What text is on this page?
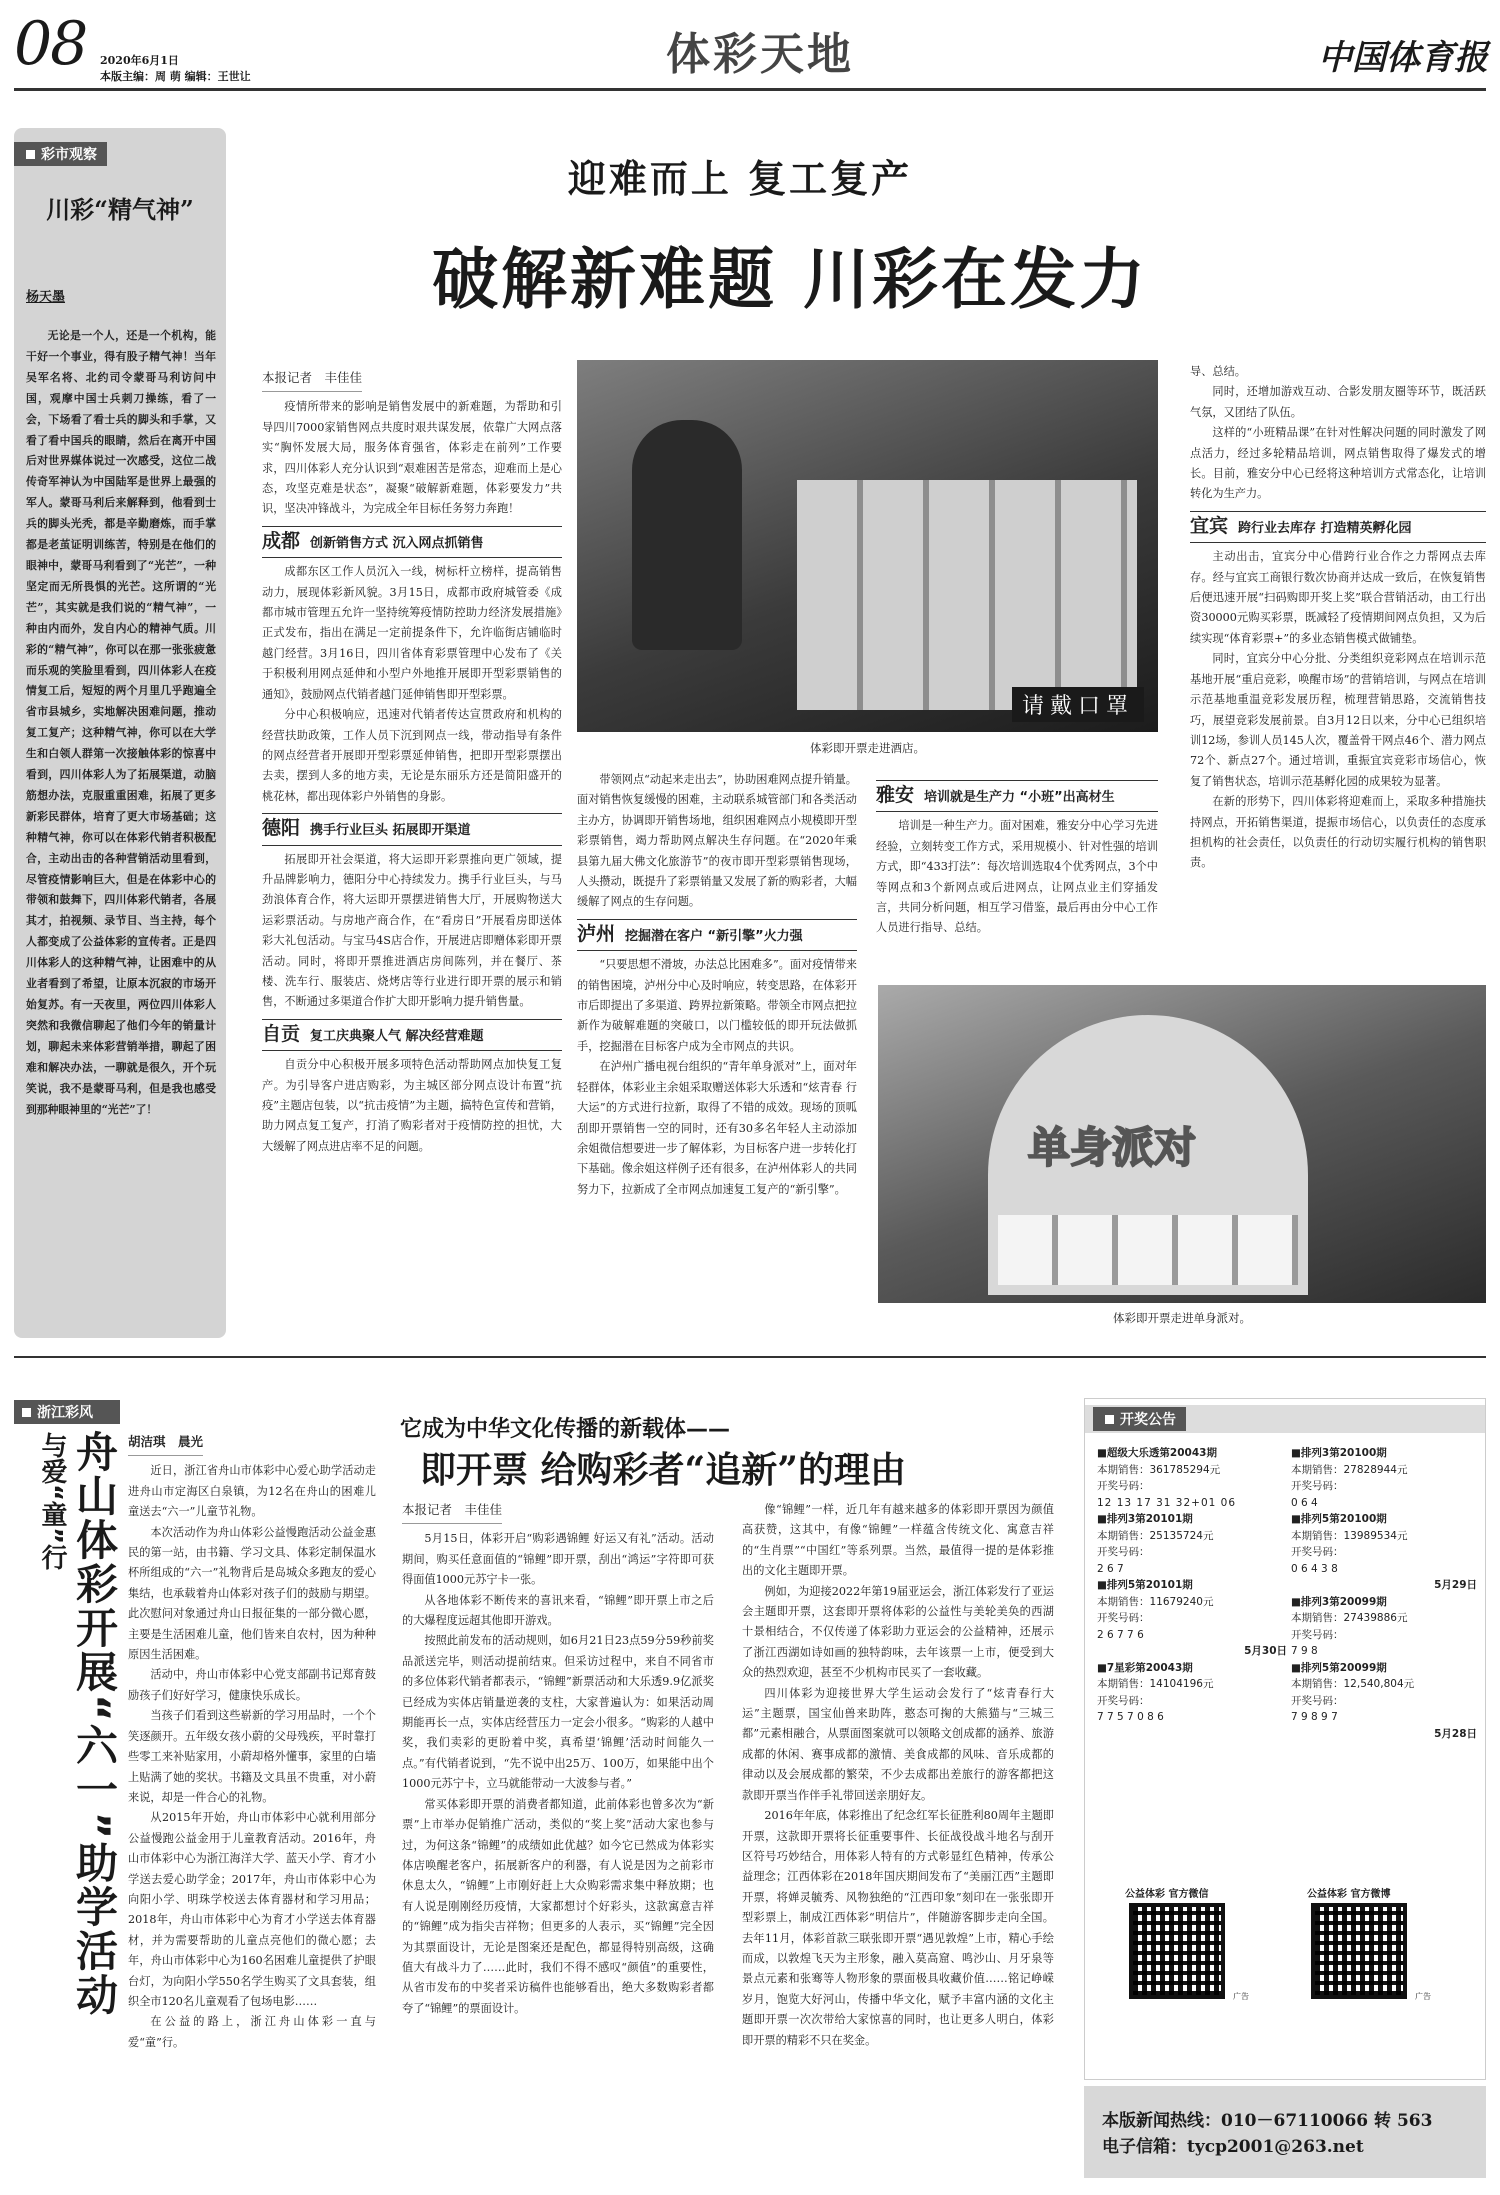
08 2020年6月1日
本版主编：周 萌 编辑：王世让	体彩天地	中国体育报
彩市观察
川彩“精气神”
杨天墨

无论是一个人，还是一个机构，能干好一个事业，得有股子精气神！当年吴军名将、北约司令蒙哥马利访问中国，观摩中国士兵刺刀操练，看了一会，下场看了看士兵的脚头和手掌，又看了看中国兵的眼睛，然后在离开中国后对世界媒体说过一次感受，这位二战传奇军神认为中国陆军是世界上最强的军人。蒙哥马利后来解释到，他看到士兵的脚头光秃，都是辛勤磨炼，而手掌都是老茧证明训练苦，特别是在他们的眼神中，蒙哥马利看到了“光芒”，一种坚定而无所畏惧的光芒。这所谓的“光芒”，其实就是我们说的“精气神”，一种由内而外，发自内心的精神气质。川彩的“精气神”，你可以在那一张张疲惫而乐观的笑脸里看到，四川体彩人在疫情复工后，短短的两个月里几乎跑遍全省市县城乡，实地解决困难问题，推动复工复产；这种精气神，你可以在大学生和白领人群第一次接触体彩的惊喜中看到，四川体彩人为了拓展渠道，动脑筋想办法，克服重重困难，拓展了更多新彩民群体，培育了更大市场基础；这种精气神，你可以在体彩代销者积极配合，主动出击的各种营销活动里看到，尽管疫情影响巨大，但是在体彩中心的带领和鼓舞下，四川体彩代销者，各展其才，拍视频、录节目、当主持，每个人都变成了公益体彩的宣传者。正是四川体彩人的这种精气神，让困难中的从业者看到了希望，让原本沉寂的市场开始复苏。有一天夜里，两位四川体彩人突然和我微信聊起了他们今年的销量计划，聊起未来体彩营销举措，聊起了困难和解决办法，一聊就是很久，开个玩笑说，我不是蒙哥马利，但是我也感受到那种眼神里的“光芒”了！

迎难而上 复工复产
破解新难题 川彩在发力
本报记者　丰佳佳

疫情所带来的影响是销售发展中的新难题，为帮助和引导四川7000家销售网点共度时艰共谋发展，依靠广大网点落实“胸怀发展大局，服务体育强省，体彩走在前列”工作要求，四川体彩人充分认识到“艰难困苦是常态，迎难而上是心态，攻坚克难是状态”，凝聚“破解新难题，体彩要发力”共识，坚决冲锋战斗，为完成全年目标任务努力奔跑！

成都 创新销售方式 沉入网点抓销售

成都东区工作人员沉入一线，树标杆立榜样，提高销售动力，展现体彩新风貌。3月15日，成都市政府城管委《成都市城市管理五允许一坚持统筹疫情防控助力经济发展措施》正式发布，指出在满足一定前提条件下，允许临街店铺临时越门经营。3月16日，四川省体育彩票管理中心发布了《关于积极利用网点延伸和小型户外地推开展即开型彩票销售的通知》，鼓励网点代销者越门延伸销售即开型彩票。

分中心积极响应，迅速对代销者传达宣贯政府和机构的经营扶助政策，工作人员下沉到网点一线，带动指导有条件的网点经营者开展即开型彩票延伸销售，把即开型彩票摆出去卖，摆到人多的地方卖，无论是东丽乐方还是简阳盛开的桃花林，都出现体彩户外销售的身影。

德阳 携手行业巨头 拓展即开渠道

拓展即开社会渠道，将大运即开彩票推向更广领域，提升品牌影响力，德阳分中心持续发力。携手行业巨头，与马劲浪体育合作，将大运即开票摆进销售大厅，开展购物送大运彩票活动。与房地产商合作，在“看房日”开展看房即送体彩大礼包活动。与宝马4S店合作，开展进店即赠体彩即开票活动。同时，将即开票推进酒店房间陈列，并在餐厅、茶楼、洗车行、服装店、烧烤店等行业进行即开票的展示和销售，不断通过多渠道合作扩大即开影响力提升销售量。

自贡 复工庆典聚人气 解决经营难题

自贡分中心积极开展多项特色活动帮助网点加快复工复产。为引导客户进店购彩，为主城区部分网点设计布置“抗疫”主题店包装，以“抗击疫情”为主题，搞特色宣传和营销，助力网点复工复产，打消了购彩者对于疫情防控的担忧，大大缓解了网点进店率不足的问题。

请戴口罩
体彩即开票走进酒店。

带领网点“动起来走出去”，协助困难网点提升销量。面对销售恢复缓慢的困难，主动联系城管部门和各类活动主办方，协调即开销售场地，组织困难网点小规模即开型彩票销售，竭力帮助网点解决生存问题。在“2020年乘县第九届大佛文化旅游节”的夜市即开型彩票销售现场，人头攒动，既提升了彩票销量又发展了新的购彩者，大幅缓解了网点的生存问题。

泸州 挖掘潜在客户 “新引擎”火力强

“只要思想不滑坡，办法总比困难多”。面对疫情带来的销售困境，泸州分中心及时响应，转变思路，在体彩开市后即提出了多渠道、跨界拉新策略。带领全市网点把拉新作为破解难题的突破口，以门槛较低的即开玩法做抓手，挖掘潜在目标客户成为全市网点的共识。

在泸州广播电视台组织的“青年单身派对”上，面对年轻群体，体彩业主余姐采取赠送体彩大乐透和“炫青春 行大运”的方式进行拉新，取得了不错的成效。现场的顶呱刮即开票销售一空的同时，还有30多名年轻人主动添加余姐微信想要进一步了解体彩，为目标客户进一步转化打下基础。像余姐这样例子还有很多，在泸州体彩人的共同努力下，拉新成了全市网点加速复工复产的“新引擎”。

雅安 培训就是生产力 “小班”出高材生

培训是一种生产力。面对困难，雅安分中心学习先进经验，立刻转变工作方式，采用规模小、针对性强的培训方式，即“433打法”：每次培训选取4个优秀网点，3个中等网点和3个新网点或后进网点，让网点业主们穿插发言，共同分析问题，相互学习借鉴，最后再由分中心工作人员进行指导、总结。

导、总结。

同时，还增加游戏互动、合影发朋友圈等环节，既活跃气氛，又团结了队伍。

这样的“小班精品课”在针对性解决问题的同时激发了网点活力，经过多轮精品培训，网点销售取得了爆发式的增长。目前，雅安分中心已经将这种培训方式常态化，让培训转化为生产力。

宜宾 跨行业去库存 打造精英孵化园

主动出击，宜宾分中心借跨行业合作之力帮网点去库存。经与宜宾工商银行数次协商并达成一致后，在恢复销售后便迅速开展“扫码购即开奖上奖”联合营销活动，由工行出资30000元购买彩票，既减轻了疫情期间网点负担，又为后续实现“体育彩票+”的多业态销售模式做铺垫。

同时，宜宾分中心分批、分类组织竞彩网点在培训示范基地开展“重启竞彩，唤醒市场”的营销培训，与网点在培训示范基地重温竞彩发展历程，梳理营销思路，交流销售技巧，展望竞彩发展前景。自3月12日以来，分中心已组织培训12场，参训人员145人次，覆盖骨干网点46个、潜力网点72个、新点27个。通过培训，重振宜宾竞彩市场信心，恢复了销售状态，培训示范基孵化园的成果较为显著。

在新的形势下，四川体彩将迎难而上，采取多种措施扶持网点，开拓销售渠道，提振市场信心，以负责任的态度承担机构的社会责任，以负责任的行动切实履行机构的销售职责。

单身派对
体彩即开票走进单身派对。
浙江彩风
与爱“童”行 舟山体彩开展“六一”助学活动 胡洁琪　晨光

近日，浙江省舟山市体彩中心爱心助学活动走进舟山市定海区白泉镇，为12名在舟山的困难儿童送去“六一”儿童节礼物。

本次活动作为舟山体彩公益慢跑活动公益金惠民的第一站，由书籍、学习文具、体彩定制保温水杯所组成的“六一”礼物背后是岛城众多跑友的爱心集结，也承载着舟山体彩对孩子们的鼓励与期望。此次慰问对象通过舟山日报征集的一部分微心愿，主要是生活困难儿童，他们皆来自农村，因为种种原因生活困难。

活动中，舟山市体彩中心党支部副书记郑育鼓励孩子们好好学习，健康快乐成长。

当孩子们看到这些崭新的学习用品时，一个个笑逐颜开。五年级女孩小蔚的父母残疾，平时靠打些零工来补贴家用，小蔚却格外懂事，家里的白墙上贴满了她的奖状。书籍及文具虽不贵重，对小蔚来说，却是一件合心的礼物。

从2015年开始，舟山市体彩中心就利用部分公益慢跑公益金用于儿童教育活动。2016年，舟山市体彩中心为浙江海洋大学、蓝天小学、育才小学送去爱心助学金；2017年，舟山市体彩中心为向阳小学、明珠学校送去体育器材和学习用品；2018年，舟山市体彩中心为育才小学送去体育器材，并为需要帮助的儿童点亮他们的微心愿；去年，舟山市体彩中心为160名困难儿童提供了护眼台灯，为向阳小学550名学生购买了文具套装，组织全市120名儿童观看了包场电影……

在公益的路上，浙江舟山体彩一直与爱“童”行。

它成为中华文化传播的新载体——
即开票 给购彩者“追新”的理由
本报记者　丰佳佳

5月15日，体彩开启“购彩遇锦鲤 好运又有礼”活动。活动期间，购买任意面值的“锦鲤”即开票，刮出“鸿运”字符即可获得面值1000元苏宁卡一张。

从各地体彩不断传来的喜讯来看，“锦鲤”即开票上市之后的大爆程度远超其他即开游戏。

按照此前发布的活动规则，如6月21日23点59分59秒前奖品派送完毕，则活动提前结束。但采访过程中，来自不同省市的多位体彩代销者都表示，“锦鲤”新票活动和大乐透9.9亿派奖已经成为实体店销量逆袭的支柱，大家普遍认为：如果活动周期能再长一点，实体店经营压力一定会小很多。“购彩的人越中奖，我们卖彩的更盼着中奖，真希望‘锦鲤’活动时间能久一点。”有代销者说到，“先不说中出25万、100万，如果能中出个1000元苏宁卡，立马就能带动一大波参与者。”

常买体彩即开票的消费者都知道，此前体彩也曾多次为“新票”上市举办促销推广活动，类似的“奖上奖”活动大家也参与过，为何这条“锦鲤”的成绩如此优越？如今它已然成为体彩实体店唤醒老客户，拓展新客户的利器，有人说是因为之前彩市休息太久，“锦鲤”上市刚好赶上大众购彩需求集中释放期；也有人说是刚刚经历疫情，大家都想讨个好彩头，这款寓意吉祥的“锦鲤”成为指尖吉祥物；但更多的人表示，买“锦鲤”完全因为其票面设计，无论是图案还是配色，都显得特别高级，这确值大有战斗力了……此时，我们不得不感叹“颜值”的重要性，从省市发布的中奖者采访稿件也能够看出，绝大多数购彩者都夸了“锦鲤”的票面设计。

像“锦鲤”一样，近几年有越来越多的体彩即开票因为颜值高获赞，这其中，有像“锦鲤”一样蕴含传统文化、寓意吉祥的“生肖票”“中国红”等系列票。当然，最值得一提的是体彩推出的文化主题即开票。

例如，为迎接2022年第19届亚运会，浙江体彩发行了亚运会主题即开票，这套即开票将体彩的公益性与美轮美奂的西湖十景相结合，不仅传递了体彩助力亚运会的公益精神，还展示了浙江西湖如诗如画的独特韵味，去年该票一上市，便受到大众的热烈欢迎，甚至不少机构市民买了一套收藏。

四川体彩为迎接世界大学生运动会发行了“炫青春行大运”主题票，国宝仙兽来助阵，憨态可掬的大熊猫与“三城三都”元素相融合，从票面图案就可以领略文创成都的涵养、旅游成都的休闲、赛事成都的激情、美食成都的风味、音乐成都的律动以及会展成都的繁荣，不少去成都出差旅行的游客都把这款即开票当作伴手礼带回送亲朋好友。

2016年年底，体彩推出了纪念红军长征胜利80周年主题即开票，这款即开票将长征重要事件、长征战役战斗地名与刮开区符号巧妙结合，用体彩人特有的方式彰显红色精神，传承公益理念；江西体彩在2018年国庆期间发布了“美丽江西”主题即开票，将婵灵毓秀、风物独绝的“江西印象”刻印在一张张即开型彩票上，制成江西体彩“明信片”，伴随游客脚步走向全国。去年11月，体彩首款三联张即开票“遇见敦煌”上市，精心手绘而成，以敦煌飞天为主形象，融入莫高窟、鸣沙山、月牙泉等景点元素和张骞等人物形象的票面极具收藏价值……铭记峥嵘岁月，饱览大好河山，传播中华文化，赋予丰富内涵的文化主题即开票一次次带给大家惊喜的同时，也让更多人明白，体彩即开票的精彩不只在奖金。

开奖公告
■超级大乐透第20043期
本期销售：361785294元
开奖号码：
12 13 17 31 32+01 06
■排列3第20101期
本期销售：25135724元
开奖号码：
2 6 7
■排列5第20101期
本期销售：11679240元
开奖号码：
2 6 7 7 6
5月30日
■7星彩第20043期
本期销售：14104196元
开奖号码：
7 7 5 7 0 8 6
■排列3第20100期
本期销售：27828944元
开奖号码：
0 6 4
■排列5第20100期
本期销售：13989534元
开奖号码：
0 6 4 3 8
5月29日
■排列3第20099期
本期销售：27439886元
开奖号码：
7 9 8
■排列5第20099期
本期销售：12,540,804元
开奖号码：
7 9 8 9 7
5月28日
公益体彩 官方微信
广告
公益体彩 官方微博
广告
本版新闻热线：010－67110066 转 563
电子信箱：tycp2001@263.net
